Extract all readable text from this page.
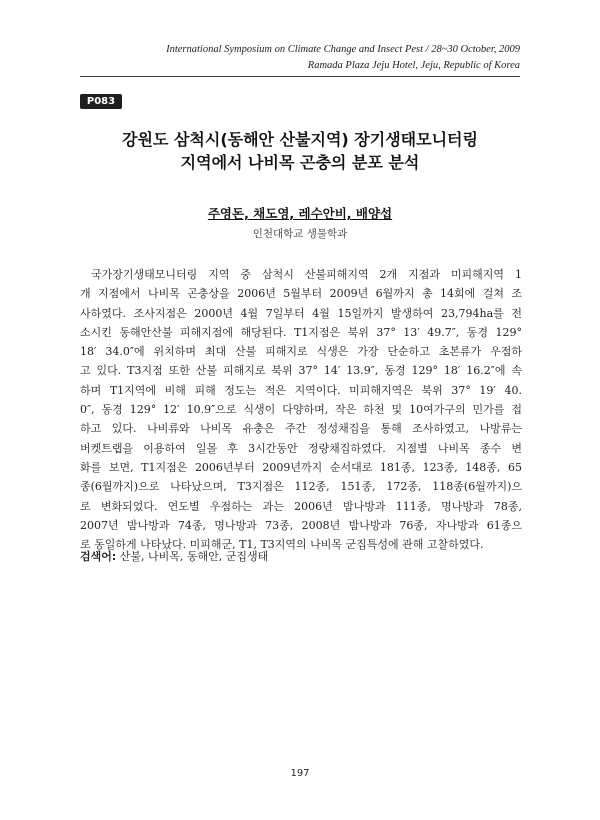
International Symposium on Climate Change and Insect Pest / 28~30 October, 2009
Ramada Plaza Jeju Hotel, Jeju, Republic of Korea
P083
강원도 삼척시(동해안 산불지역) 장기생태모니터링
지역에서 나비목 곤충의 분포 분석
주영돈, 채도영, 레수안비, 배양섭
인천대학교 생물학과
국가장기생태모니터링 지역 중 삼척시 산불피해지역 2개 지점과 미피해지역 1
개 지점에서 나비목 곤충상을 2006년 5월부터 2009년 6월까지 총 14회에 걸쳐 조
사하였다. 조사지점은 2000년 4월 7일부터 4월 15일까지 발생하여 23,794ha를 전
소시킨 동해안산불 피해지점에 해당된다. T1지점은 북위 37° 13′ 49.7″, 동경 129°
18′ 34.0″에 위치하며 최대 산불 피해지로 식생은 가장 단순하고 초본류가 우점하
고 있다. T3지점 또한 산불 피해지로 북위 37° 14′ 13.9″, 동경 129° 18′ 16.2″에 속
하며 T1지역에 비해 피해 정도는 적은 지역이다. 미피해지역은 북위 37° 19′ 40.
0″, 동경 129° 12′ 10.9″으로 식생이 다양하며, 작은 하천 및 10여가구의 민가를 접
하고 있다. 나비류와 나비목 유충은 주간 정성채집을 통해 조사하였고, 나방류는
버켓트랩을 이용하여 일몰 후 3시간동안 정량채집하였다. 지점별 나비목 종수 변
화를 보면, T1지점은 2006년부터 2009년까지 순서대로 181종, 123종, 148종, 65
종(6월까지)으로 나타났으며, T3지점은 112종, 151종, 172종, 118종(6월까지)으
로 변화되었다. 연도별 우점하는 과는 2006년 밤나방과 111종, 명나방과 78종,
2007년 밤나방과 74종, 명나방과 73종, 2008년 밤나방과 76종, 자나방과 61종으
로 동일하게 나타났다. 미피해군, T1, T3지역의 나비목 군집특성에 관해 고찰하였다.
검색어: 산불, 나비목, 동해안, 군집생태
197
